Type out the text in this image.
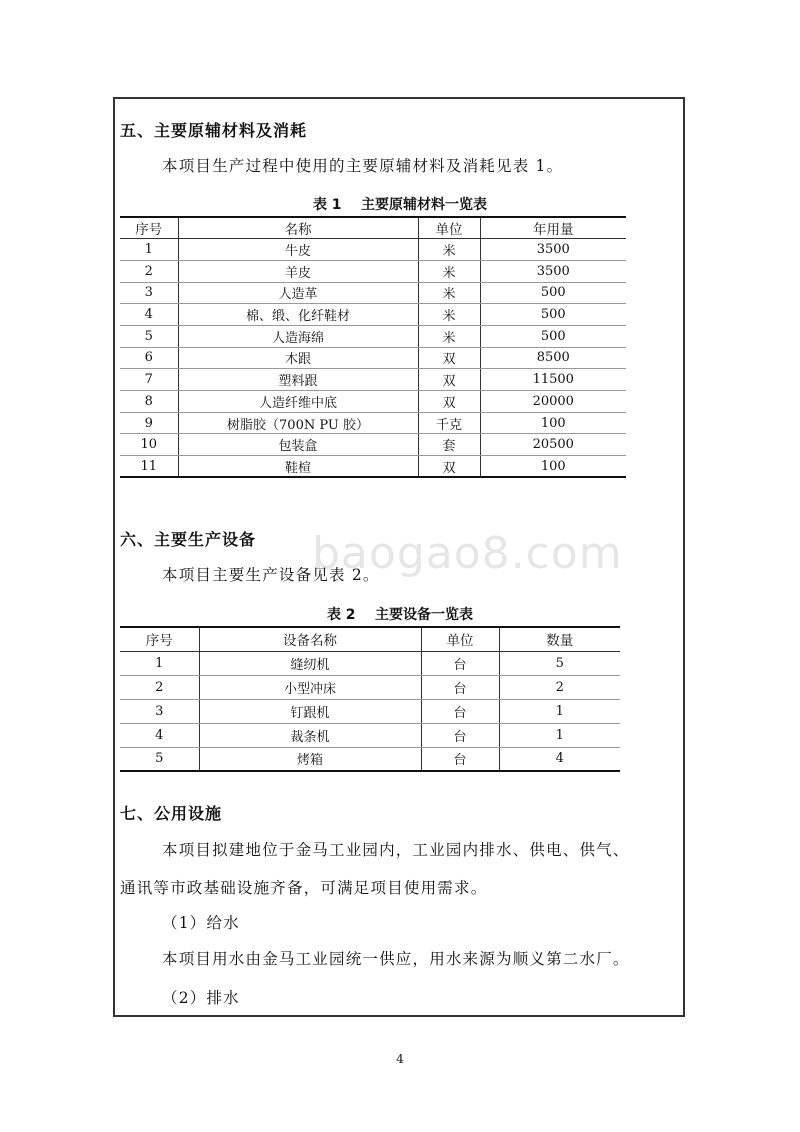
五、主要原辅材料及消耗
本项目生产过程中使用的主要原辅材料及消耗见表 1。
表 1    主要原辅材料一览表
序号	名称	单位	年用量
1	牛皮	米	3500
2	羊皮	米	3500
3	人造革	米	500
4	棉、缎、化纤鞋材	米	500
5	人造海绵	米	500
6	木跟	双	8500
7	塑料跟	双	11500
8	人造纤维中底	双	20000
9	树脂胶（700N PU 胶）	千克	100
10	包装盒	套	20500
11	鞋楦	双	100
baogao8.com
六、主要生产设备
本项目主要生产设备见表 2。
表 2    主要设备一览表
序号	设备名称	单位	数量
1	缝纫机	台	5
2	小型冲床	台	2
3	钉跟机	台	1
4	裁条机	台	1
5	烤箱	台	4
七、公用设施
本项目拟建地位于金马工业园内，工业园内排水、供电、供气、
通讯等市政基础设施齐备，可满足项目使用需求。
（1）给水
本项目用水由金马工业园统一供应，用水来源为顺义第二水厂。
（2）排水
4
